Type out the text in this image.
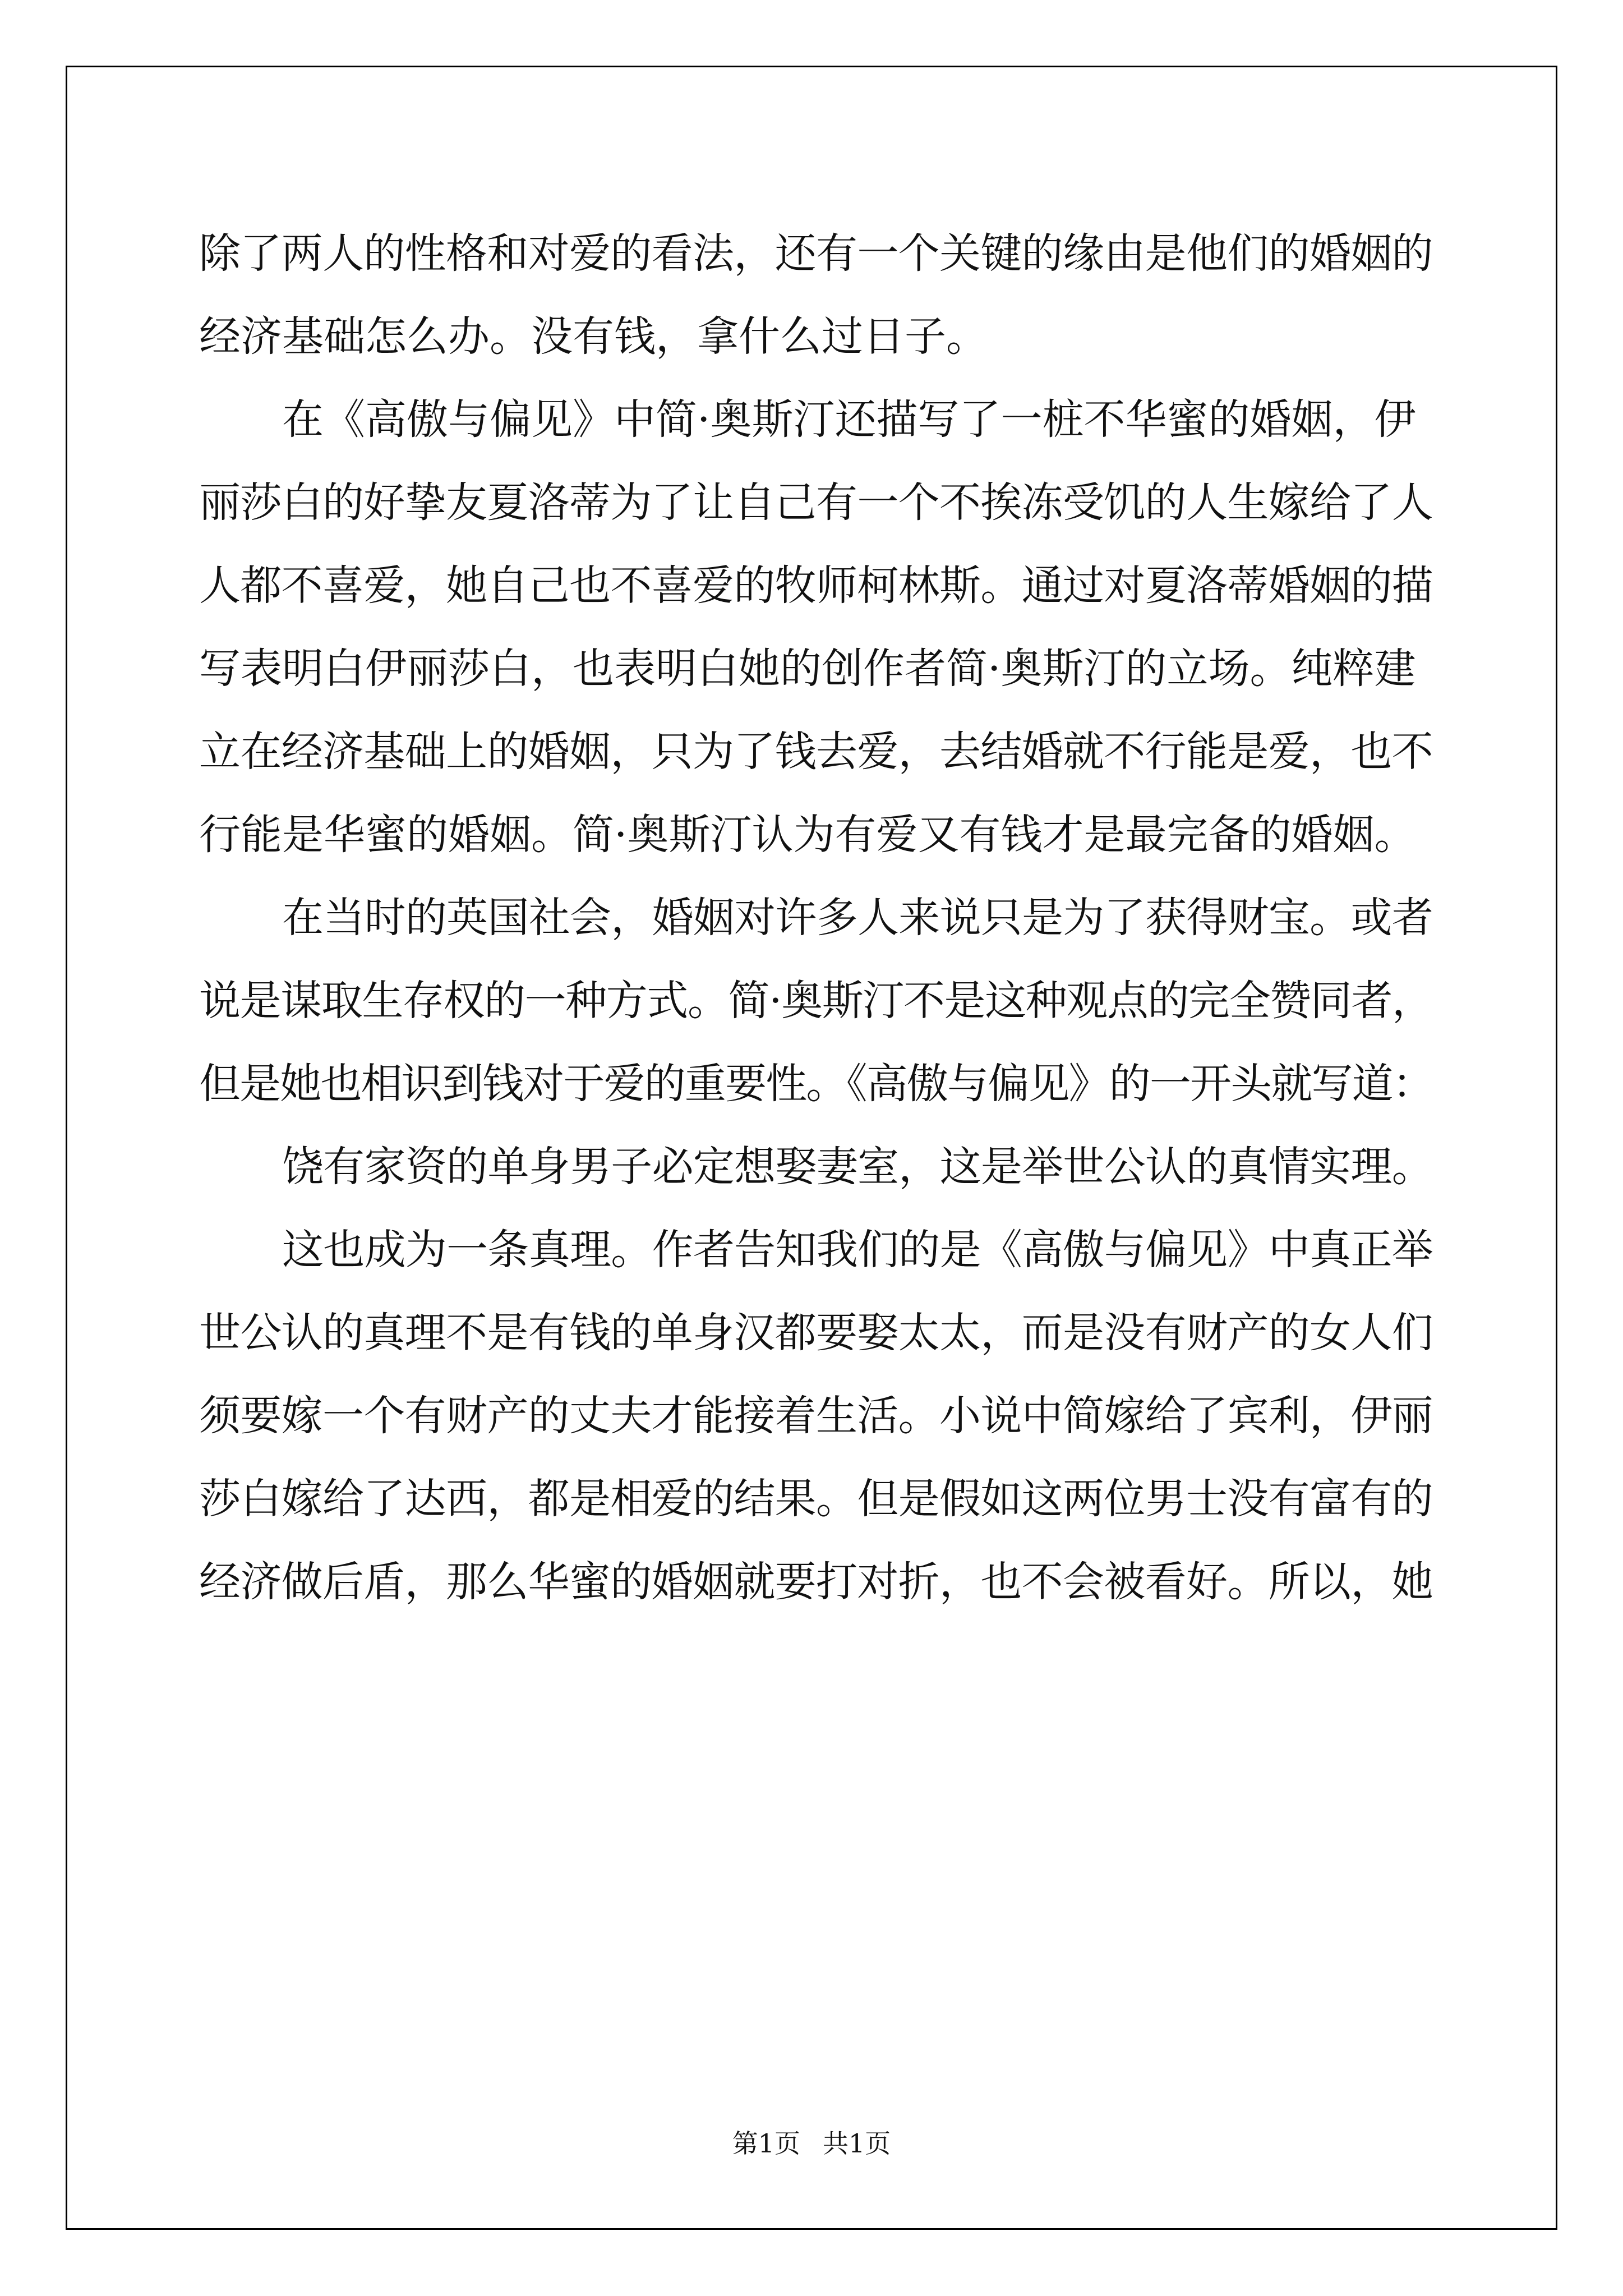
除了两人的性格和对爱的看法，还有一个关键的缘由是他们的婚姻的
经济基础怎么办。没有钱，拿什么过日子。
在《高傲与偏见》中简·奥斯汀还描写了一桩不华蜜的婚姻，伊
丽莎白的好挚友夏洛蒂为了让自己有一个不挨冻受饥的人生嫁给了人
人都不喜爱，她自己也不喜爱的牧师柯林斯。通过对夏洛蒂婚姻的描
写表明白伊丽莎白，也表明白她的创作者简·奥斯汀的立场。纯粹建
立在经济基础上的婚姻，只为了钱去爱，去结婚就不行能是爱，也不
行能是华蜜的婚姻。简·奥斯汀认为有爱又有钱才是最完备的婚姻。
在当时的英国社会，婚姻对许多人来说只是为了获得财宝。或者
说是谋取生存权的一种方式。简·奥斯汀不是这种观点的完全赞同者，
但是她也相识到钱对于爱的重要性。《高傲与偏见》的一开头就写道：
饶有家资的单身男子必定想娶妻室，这是举世公认的真情实理。
这也成为一条真理。作者告知我们的是《高傲与偏见》中真正举
世公认的真理不是有钱的单身汉都要娶太太，而是没有财产的女人们
须要嫁一个有财产的丈夫才能接着生活。小说中简嫁给了宾利，伊丽
莎白嫁给了达西，都是相爱的结果。但是假如这两位男士没有富有的
经济做后盾，那么华蜜的婚姻就要打对折，也不会被看好。所以，她
第1页 共1页
